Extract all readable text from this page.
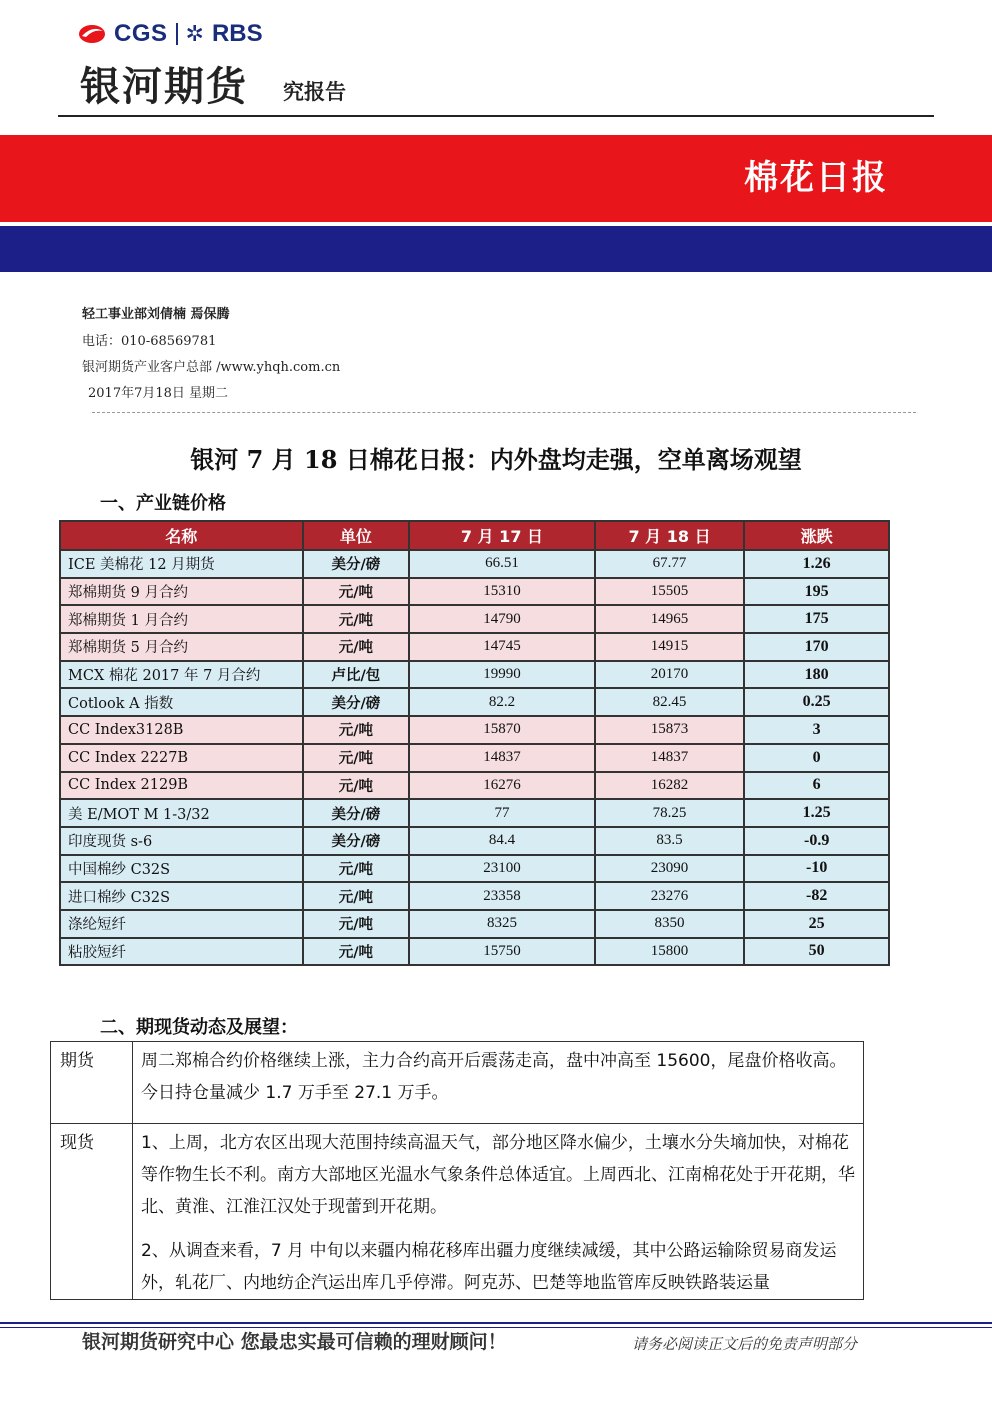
CGS ✲ RBS
银河期货 究报告
棉花日报
轻工事业部刘倩楠 焉保腾
电话：010-68569781
银河期货产业客户总部 /www.yhqh.com.cn
2017年7月18日 星期二
银河 7 月 18 日棉花日报：内外盘均走强，空单离场观望
一、产业链价格
名称	单位	7 月 17 日	7 月 18 日	涨跌
ICE 美棉花 12 月期货	美分/磅	66.51	67.77	1.26
郑棉期货 9 月合约	元/吨	15310	15505	195
郑棉期货 1 月合约	元/吨	14790	14965	175
郑棉期货 5 月合约	元/吨	14745	14915	170
MCX 棉花 2017 年 7 月合约	卢比/包	19990	20170	180
Cotlook A 指数	美分/磅	82.2	82.45	0.25
CC Index3128B	元/吨	15870	15873	3
CC Index 2227B	元/吨	14837	14837	0
CC Index 2129B	元/吨	16276	16282	6
美 E/MOT M 1-3/32	美分/磅	77	78.25	1.25
印度现货 s-6	美分/磅	84.4	83.5	-0.9
中国棉纱 C32S	元/吨	23100	23090	-10
进口棉纱 C32S	元/吨	23358	23276	-82
涤纶短纤	元/吨	8325	8350	25
粘胶短纤	元/吨	15750	15800	50
二、期现货动态及展望：
期货	周二郑棉合约价格继续上涨，主力合约高开后震荡走高，盘中冲高至 15600，尾盘价格收高。今日持仓量减少 1.7 万手至 27.1 万手。
现货	1、上周，北方农区出现大范围持续高温天气，部分地区降水偏少，土壤水分失墒加快，对棉花等作物生长不利。南方大部地区光温水气象条件总体适宜。上周西北、江南棉花处于开花期，华北、黄淮、江淮江汉处于现蕾到开花期。

2、从调查来看，7 月 中旬以来疆内棉花移库出疆力度继续减缓，其中公路运输除贸易商发运外，轧花厂、内地纺企汽运出库几乎停滞。阿克苏、巴楚等地监管库反映铁路装运量

银河期货研究中心 您最忠实最可信赖的理财顾问！	请务必阅读正文后的免责声明部分
